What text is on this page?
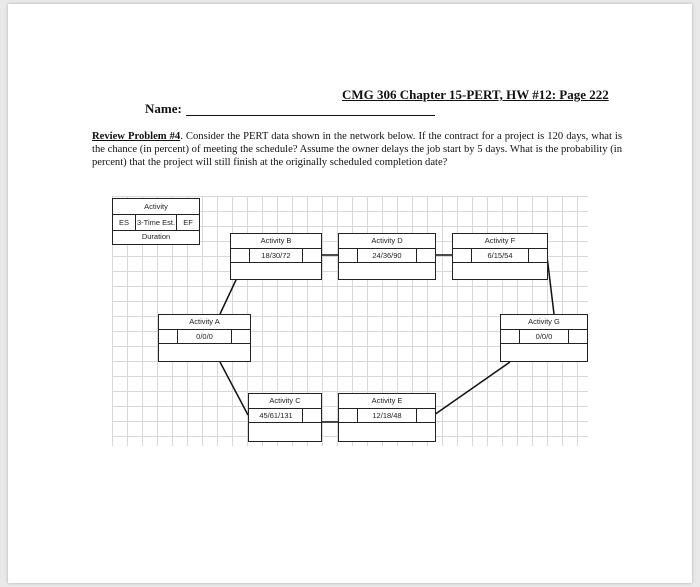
CMG 306 Chapter 15-PERT, HW #12: Page 222
Name:
Review Problem #4. Consider the PERT data shown in the network below. If the contract for a project is 120 days, what is the chance (in percent) of meeting the schedule? Assume the owner delays the job start by 5 days. What is the probability (in percent) that the project will still finish at the originally scheduled completion date?
Activity
ES	3-Time Est.	EF
Duration
Activity A
0/0/0
Activity B
18/30/72
Activity D
24/36/90
Activity F
6/15/54
Activity G
0/0/0
Activity C
45/61/131
Activity E
12/18/48
